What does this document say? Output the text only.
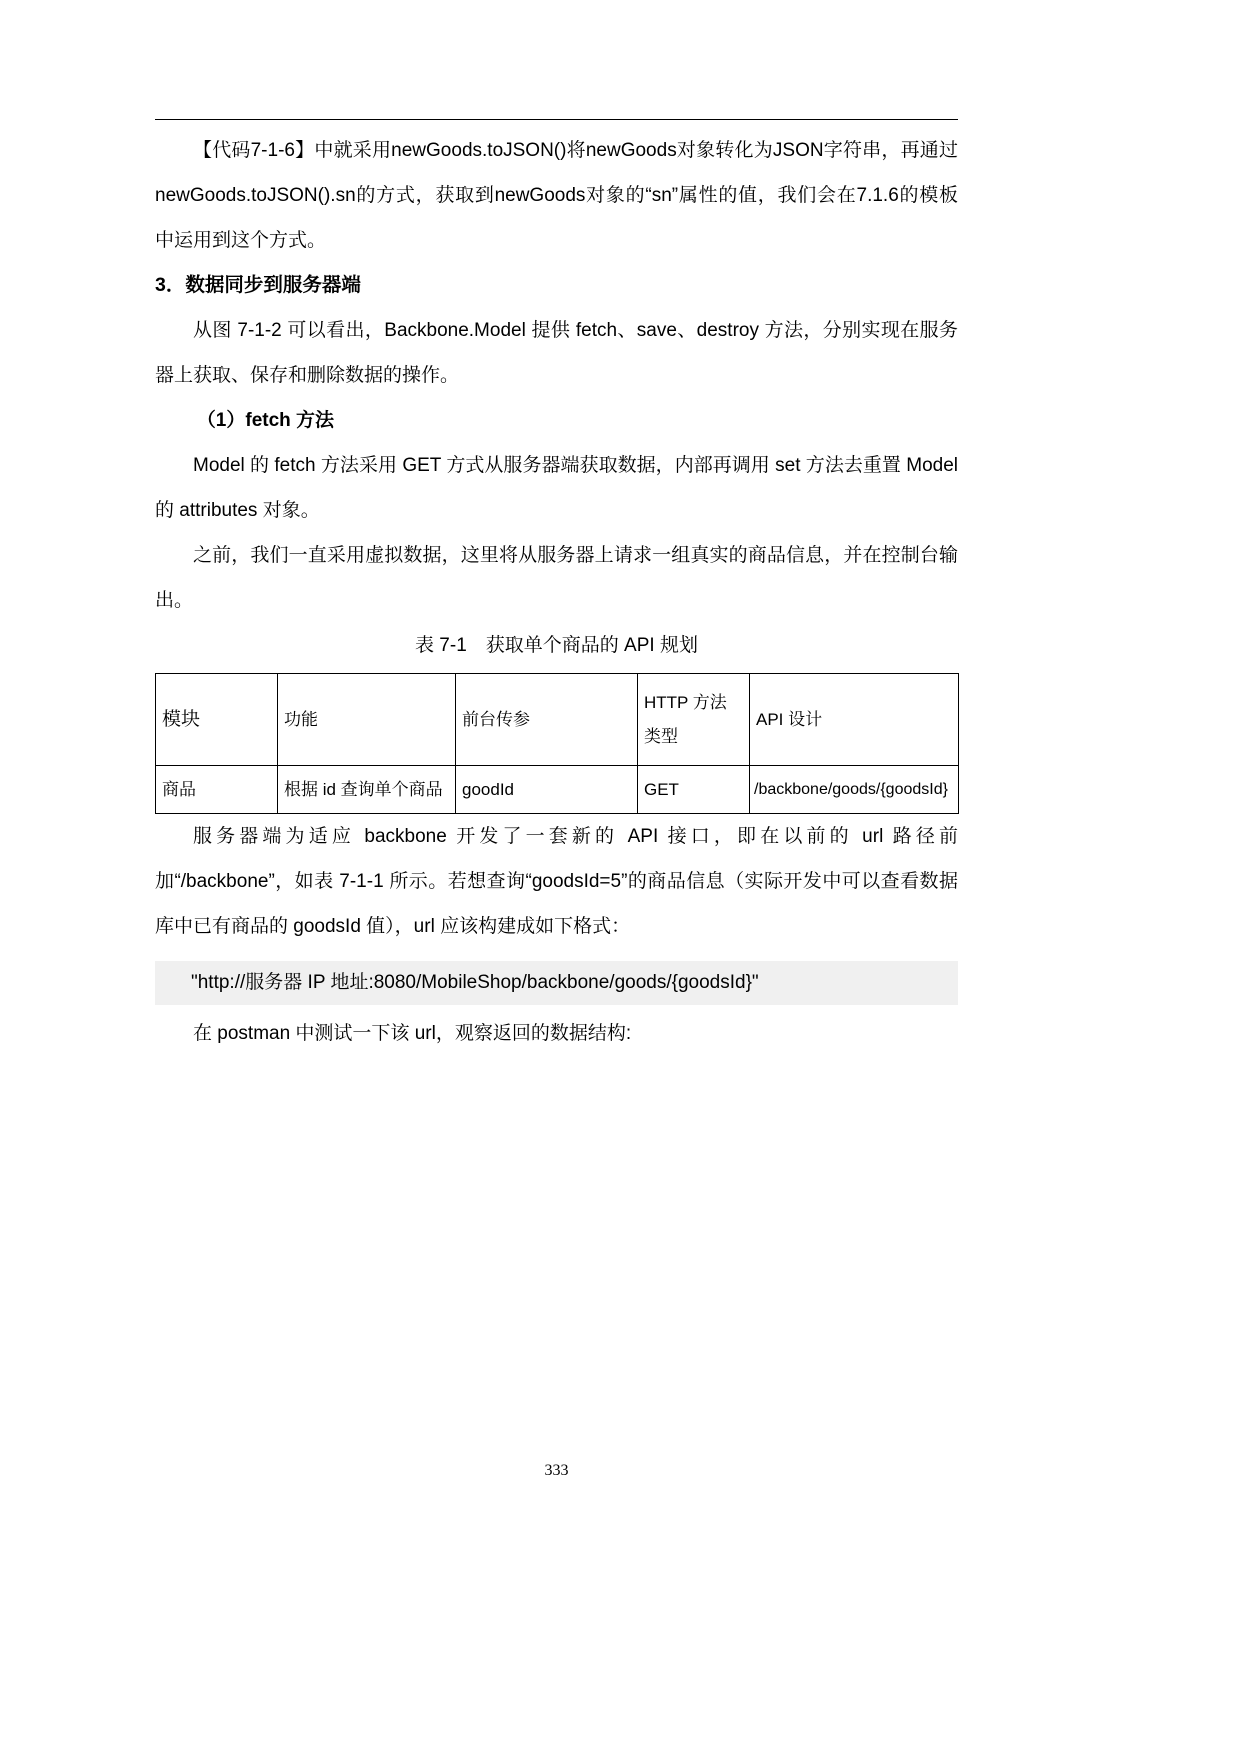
【代码7-1-6】中就采用newGoods.toJSON()将newGoods对象转化为JSON字符串，再通过newGoods.toJSON().sn的方式，获取到newGoods对象的“sn”属性的值，我们会在7.1.6的模板中运用到这个方式。

3．数据同步到服务器端

从图 7-1-2 可以看出，Backbone.Model 提供 fetch、save、destroy 方法，分别实现在服务器上获取、保存和删除数据的操作。

（1）fetch 方法

Model 的 fetch 方法采用 GET 方式从服务器端获取数据，内部再调用 set 方法去重置 Model 的 attributes 对象。

之前，我们一直采用虚拟数据，这里将从服务器上请求一组真实的商品信息，并在控制台输出。

表 7-1　获取单个商品的 API 规划
模块	功能	前台传参	HTTP 方法类型	API 设计
商品	根据 id 查询单个商品	goodId	GET	/backbone/goods/{goodsId}

服务器端为适应 backbone 开发了一套新的 API 接口，即在以前的 url 路径前加“/backbone”，如表 7-1-1 所示。若想查询“goodsId=5”的商品信息（实际开发中可以查看数据库中已有商品的 goodsId 值），url 应该构建成如下格式：

"http://服务器 IP 地址:8080/MobileShop/backbone/goods/{goodsId}"

在 postman 中测试一下该 url，观察返回的数据结构:

333
